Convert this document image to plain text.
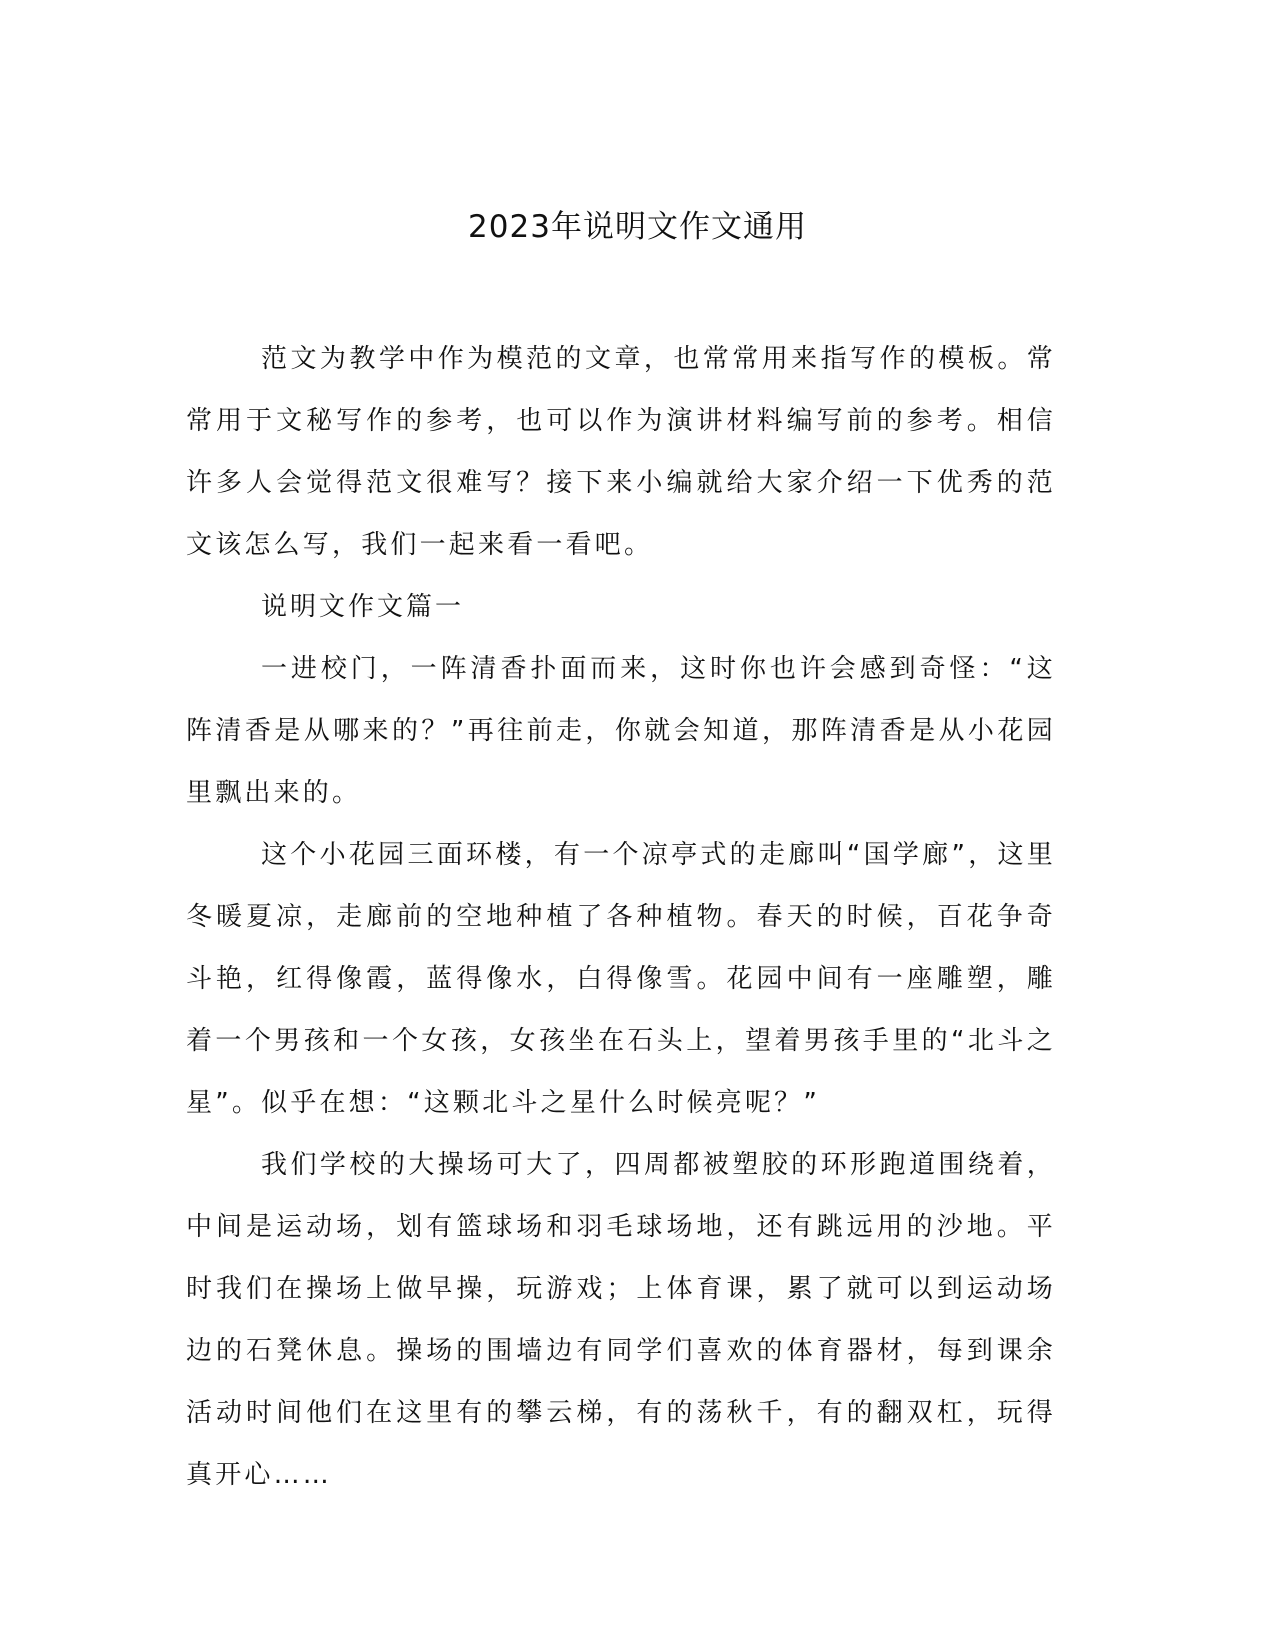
2023年说明文作文通用

范文为教学中作为模范的文章，也常常用来指写作的模板。常常用于文秘写作的参考，也可以作为演讲材料编写前的参考。相信许多人会觉得范文很难写？接下来小编就给大家介绍一下优秀的范文该怎么写，我们一起来看一看吧。

说明文作文篇一

一进校门，一阵清香扑面而来，这时你也许会感到奇怪：“这阵清香是从哪来的？”再往前走，你就会知道，那阵清香是从小花园里飘出来的。

这个小花园三面环楼，有一个凉亭式的走廊叫“国学廊”，这里冬暖夏凉，走廊前的空地种植了各种植物。春天的时候，百花争奇斗艳，红得像霞，蓝得像水，白得像雪。花园中间有一座雕塑，雕着一个男孩和一个女孩，女孩坐在石头上，望着男孩手里的“北斗之星”。似乎在想：“这颗北斗之星什么时候亮呢？”

我们学校的大操场可大了，四周都被塑胶的环形跑道围绕着，中间是运动场，划有篮球场和羽毛球场地，还有跳远用的沙地。平时我们在操场上做早操，玩游戏；上体育课，累了就可以到运动场边的石凳休息。操场的围墙边有同学们喜欢的体育器材，每到课余活动时间他们在这里有的攀云梯，有的荡秋千，有的翻双杠，玩得真开心……
